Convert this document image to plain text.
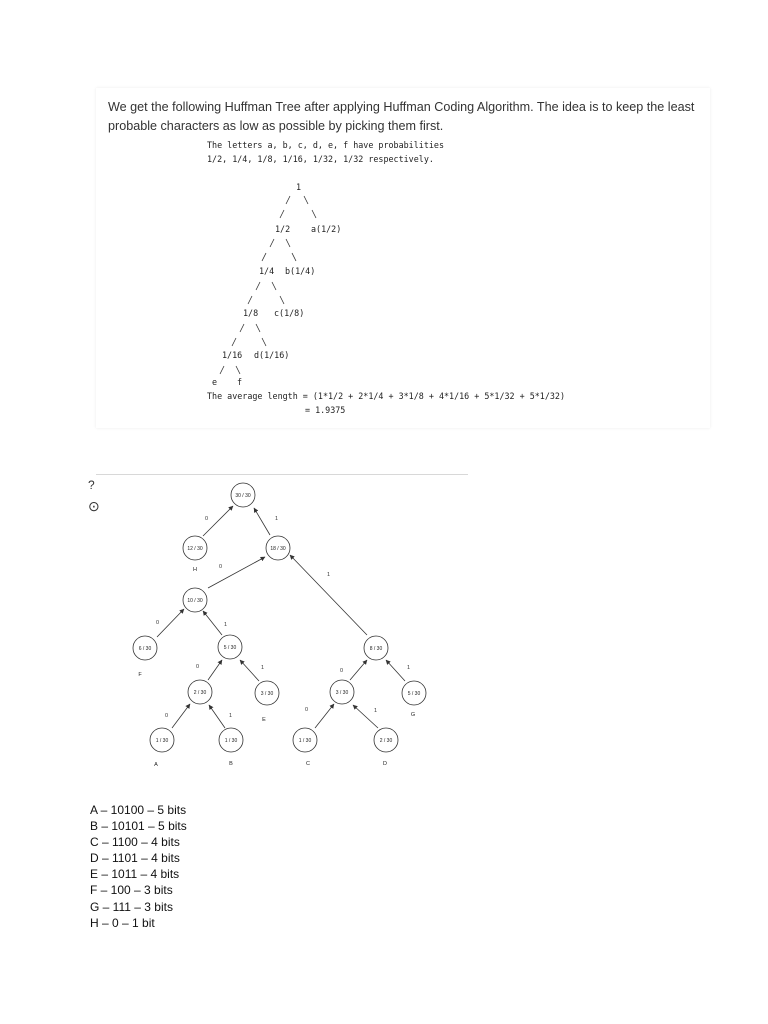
We get the following Huffman Tree after applying Huffman Coding Algorithm. The idea is to keep the least probable characters as low as possible by picking them first.
The letters a, b, c, d, e, f have probabilities
1/2, 1/4, 1/8, 1/16, 1/32, 1/32 respectively.
1
1/2 a(1/2)
1/4 b(1/4)
1/8 c(1/8)
1/16 d(1/16)
e f
The average length = (1*1/2 + 2*1/4 + 3*1/8 + 4*1/16 + 5*1/32 + 5*1/32)
= 1.9375
?
⊙
0	1
0
1
0	1
0	1	0	1
0	1
0	1
30 / 30
12 / 30	18 / 30
10 / 30
6 / 30	5 / 30	8 / 30
2 / 30	3 / 30	3 / 30	5 / 30
1 / 30	1 / 30	1 / 30	2 / 30
H
F
E
G
A	B	C	D
A – 10100 – 5 bits
B – 10101 – 5 bits
C – 1100 – 4 bits
D – 1101 – 4 bits
E – 1011 – 4 bits
F – 100 – 3 bits
G – 111 – 3 bits
H – 0 – 1 bit
